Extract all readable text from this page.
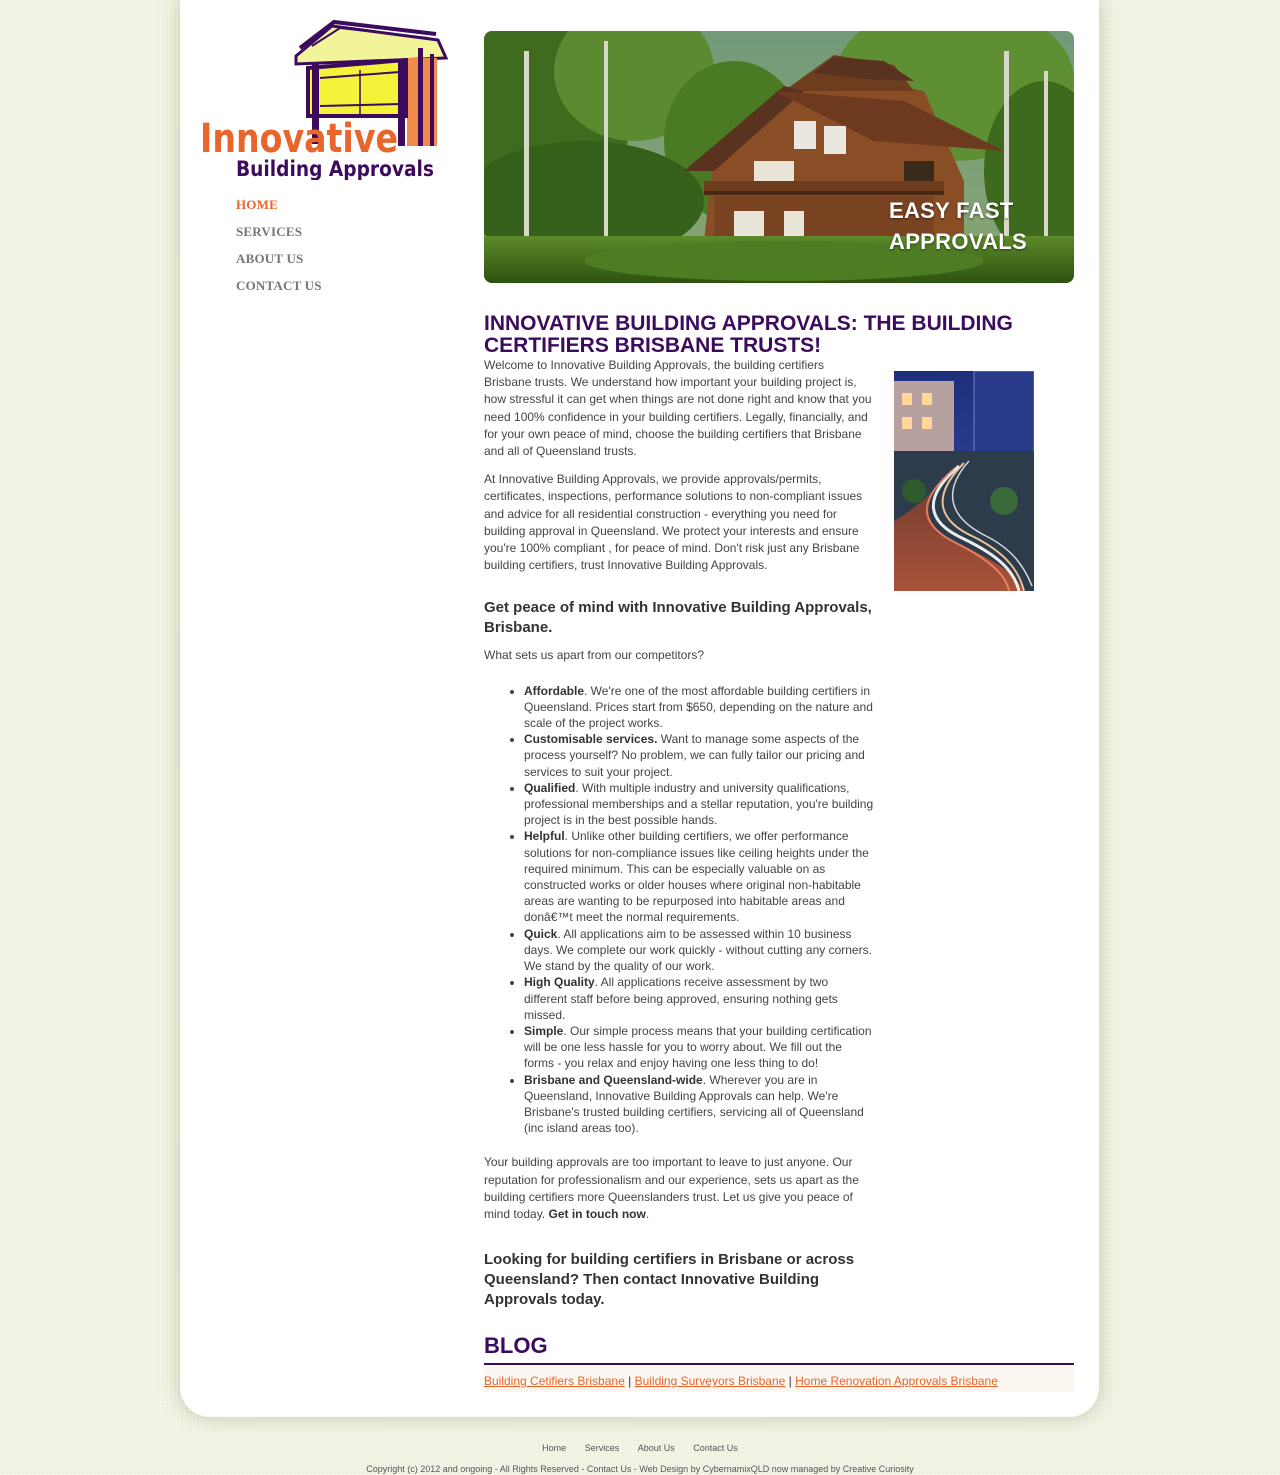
Innovative
Building Approvals
HOME
SERVICES
ABOUT US
CONTACT US
EASY FAST
APPROVALS
INNOVATIVE BUILDING APPROVALS: THE BUILDING CERTIFIERS BRISBANE TRUSTS!

Welcome to Innovative Building Approvals, the building certifiers Brisbane trusts. We understand how important your building project is, how stressful it can get when things are not done right and know that you need 100% confidence in your building certifiers. Legally, financially, and for your own peace of mind, choose the building certifiers that Brisbane and all of Queensland trusts.

At Innovative Building Approvals, we provide approvals/permits, certificates, inspections, performance solutions to non-compliant issues and advice for all residential construction - everything you need for building approval in Queensland. We protect your interests and ensure you're 100% compliant , for peace of mind. Don't risk just any Brisbane building certifiers, trust Innovative Building Approvals.

Get peace of mind with Innovative Building Approvals, Brisbane.

What sets us apart from our competitors?

• Affordable. We're one of the most affordable building certifiers in Queensland. Prices start from $650, depending on the nature and scale of the project works.
• Customisable services. Want to manage some aspects of the process yourself? No problem, we can fully tailor our pricing and services to suit your project.
• Qualified. With multiple industry and university qualifications, professional memberships and a stellar reputation, you're building project is in the best possible hands.
• Helpful. Unlike other building certifiers, we offer performance solutions for non-compliance issues like ceiling heights under the required minimum. This can be especially valuable on as constructed works or older houses where original non-habitable areas are wanting to be repurposed into habitable areas and donâ€™t meet the normal requirements.
• Quick. All applications aim to be assessed within 10 business days. We complete our work quickly - without cutting any corners. We stand by the quality of our work.
• High Quality. All applications receive assessment by two different staff before being approved, ensuring nothing gets missed.
• Simple. Our simple process means that your building certification will be one less hassle for you to worry about. We fill out the forms - you relax and enjoy having one less thing to do!
• Brisbane and Queensland-wide. Wherever you are in Queensland, Innovative Building Approvals can help. We're Brisbane's trusted building certifiers, servicing all of Queensland (inc island areas too).

Your building approvals are too important to leave to just anyone. Our reputation for professionalism and our experience, sets us apart as the building certifiers more Queenslanders trust. Let us give you peace of mind today. Get in touch now.

Looking for building certifiers in Brisbane or across Queensland? Then contact Innovative Building Approvals today.
BLOG
Building Cetifiers Brisbane | Building Surveyors Brisbane | Home Renovation Approvals Brisbane
Home Services About Us Contact Us
Copyright (c) 2012 and ongoing - All Rights Reserved - Contact Us - Web Design by CybernamixQLD now managed by Creative Curiosity
